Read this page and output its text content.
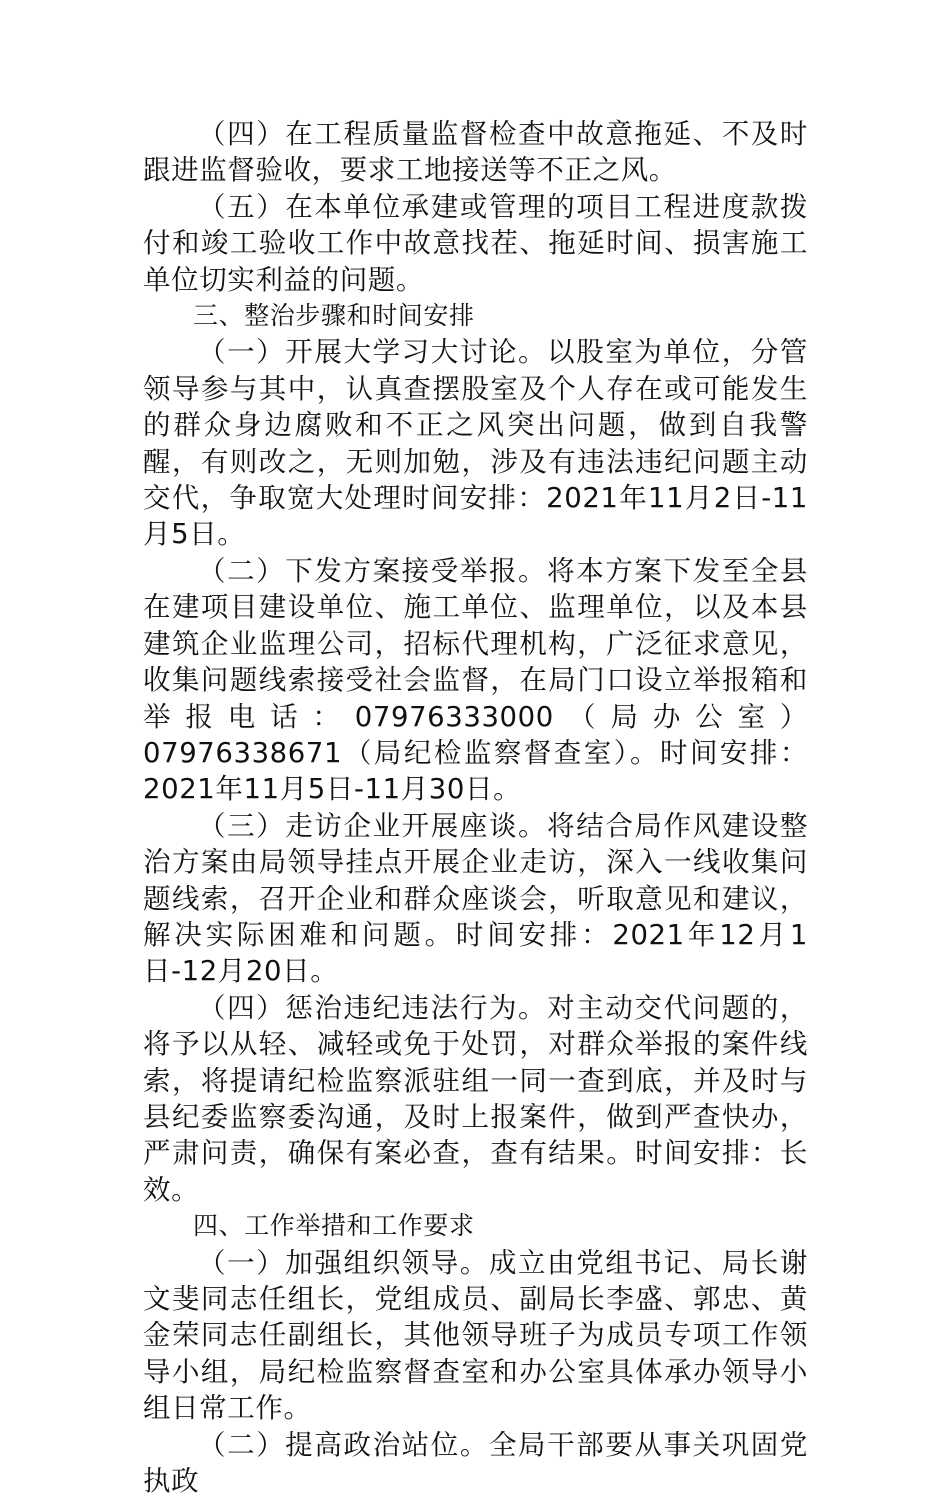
（四）在工程质量监督检查中故意拖延、不及时跟进监督验收，要求工地接送等不正之风。

（五）在本单位承建或管理的项目工程进度款拨付和竣工验收工作中故意找茬、拖延时间、损害施工单位切实利益的问题。

三、整治步骤和时间安排

（一）开展大学习大讨论。以股室为单位，分管领导参与其中，认真查摆股室及个人存在或可能发生的群众身边腐败和不正之风突出问题，做到自我警醒，有则改之，无则加勉，涉及有违法违纪问题主动交代，争取宽大处理时间安排：2021年11月2日-11月5日。

（二）下发方案接受举报。将本方案下发至全县在建项目建设单位、施工单位、监理单位，以及本县建筑企业监理公司，招标代理机构，广泛征求意见，收集问题线索接受社会监督，在局门口设立举报箱和举报电话：07976333000（局办公室）07976338671（局纪检监察督查室）。时间安排：2021年11月5日-11月30日。

（三）走访企业开展座谈。将结合局作风建设整治方案由局领导挂点开展企业走访，深入一线收集问题线索，召开企业和群众座谈会，听取意见和建议，解决实际困难和问题。时间安排：2021年12月1日-12月20日。

（四）惩治违纪违法行为。对主动交代问题的，将予以从轻、减轻或免于处罚，对群众举报的案件线索，将提请纪检监察派驻组一同一查到底，并及时与县纪委监察委沟通，及时上报案件，做到严查快办，严肃问责，确保有案必查，查有结果。时间安排：长效。

四、工作举措和工作要求

（一）加强组织领导。成立由党组书记、局长谢文斐同志任组长，党组成员、副局长李盛、郭忠、黄金荣同志任副组长，其他领导班子为成员专项工作领导小组，局纪检监察督查室和办公室具体承办领导小组日常工作。

（二）提高政治站位。全局干部要从事关巩固党执政
